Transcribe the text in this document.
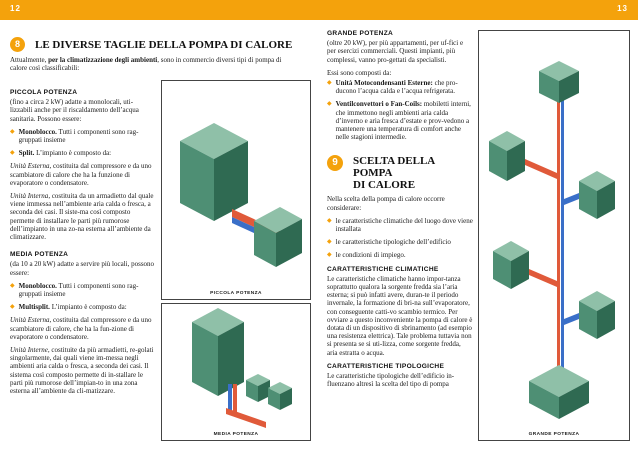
12	13
8	LE DIVERSE TAGLIE DELLA POMPA DI CALORE

Attualmente, per la climatizzazione degli ambienti, sono in commercio diversi tipi di pompa di calore così classificabili:

PICCOLA POTENZA

(fino a circa 2 kW) adatte a monolocali, uti-lizzabili anche per il riscaldamento dell’acqua sanitaria. Possono essere:

◆ Monoblocco. Tutti i componenti sono rag-gruppati insieme
◆ Split. L’impianto è composto da:

Unità Esterna, costituita dal compressore e da uno scambiatore di calore che ha la funzione di evaporatore o condensatore.

Unità Interna, costituita da un armadietto dal quale viene immessa nell’ambiente aria calda o fresca, a seconda dei casi. Il siste-ma così composto permette di installare le parti più rumorose dell’impianto in una zo-na esterna all’ambiente da climatizzare.

MEDIA POTENZA

(da 10 a 20 kW) adatte a servire più locali, possono essere:

◆ Monoblocco. Tutti i componenti sono rag-gruppati insieme
◆ Multisplit. L’impianto è composto da:

Unità Esterna, costituita dal compressore e da uno scambiatore di calore, che ha la fun-zione di evaporatore o condensatore.

Unità Interne, costituite da più armadietti, re-golati singolarmente, dai quali viene im-messa negli ambienti aria calda o fresca, a seconda dei casi. Il sistema così composto permette di in-stallare le parti più rumorose dell’impian-to in una zona esterna all’ambiente da cli-matizzare.

PICCOLA POTENZA
MEDIA POTENZA
GRANDE POTENZA

(oltre 20 kW), per più appartamenti, per uf-fici e per esercizi commerciali. Questi impianti, più complessi, vanno pro-gettati da specialisti.

Essi sono composti da:

◆ Unità Motocondensanti Esterne: che pro-ducono l’acqua calda e l’acqua refrigerata.
◆ Ventilconvettori o Fan-Coils: mobiletti interni, che immettono negli ambienti aria calda d’inverno e aria fresca d’estate e prov-vedono a mantenere una temperatura di comfort anche nelle stagioni intermedie.
9	SCELTA DELLA POMPA
DI CALORE

Nella scelta della pompa di calore occorre considerare:

◆ le caratteristiche climatiche del luogo dove viene installata
◆ le caratteristiche tipologiche dell’edificio
◆ le condizioni di impiego.
CARATTERISTICHE CLIMATICHE

Le caratteristiche climatiche hanno impor-tanza soprattutto qualora la sorgente fredda sia l’aria esterna; si può infatti avere, duran-te il periodo invernale, la formazione di bri-na sull’evaporatore, con conseguente catti-vo scambio termico. Per ovviare a questo inconveniente la pompa di calore è dotata di un dispositivo di sbrinamento (ad esempio una resistenza elettrica). Tale problema tuttavia non si presenta se si uti-lizza, come sorgente fredda, aria estratta o acqua.

CARATTERISTICHE TIPOLOGICHE

Le caratteristiche tipologiche dell’edificio in-fluenzano altresì la scelta del tipo di pompa

GRANDE POTENZA
